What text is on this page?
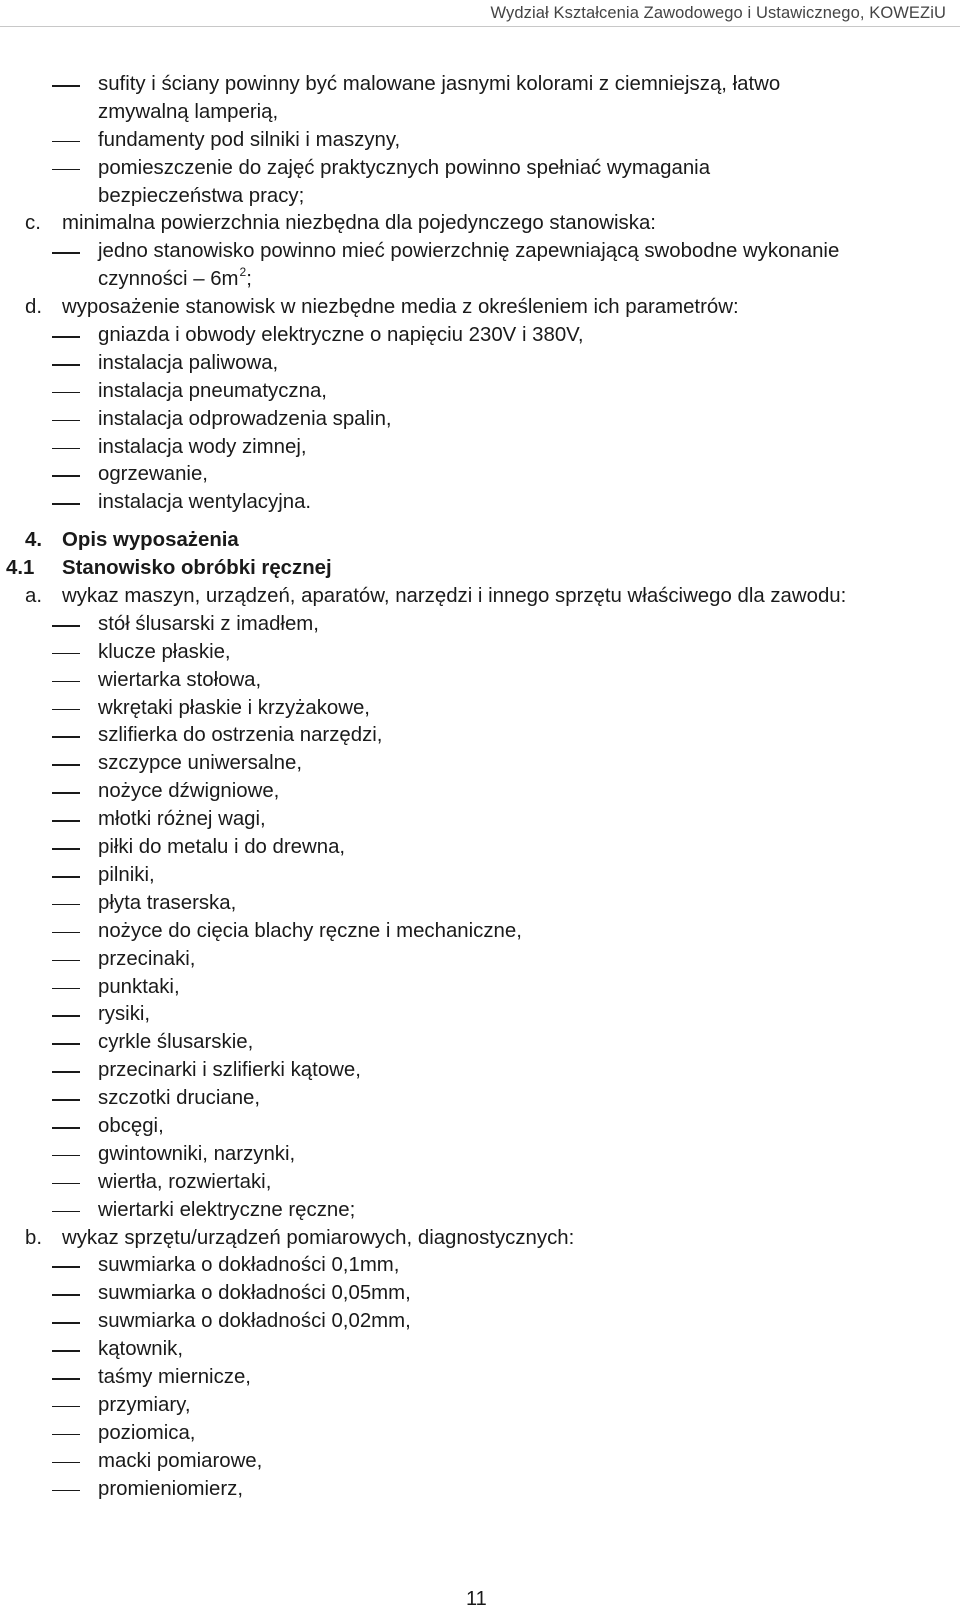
Wydział Kształcenia Zawodowego i Ustawicznego, KOWEZiU
sufity i ściany powinny być malowane jasnymi kolorami z ciemniejszą, łatwo
zmywalną lamperią,
fundamenty pod silniki i maszyny,
pomieszczenie do zajęć praktycznych powinno spełniać wymagania
bezpieczeństwa pracy;
c.	minimalna powierzchnia niezbędna dla pojedynczego stanowiska:
jedno stanowisko powinno mieć powierzchnię zapewniającą swobodne wykonanie
czynności – $6m^2$;
d. wyposażenie stanowisk w niezbędne media z określeniem ich parametrów:
gniazda i obwody elektryczne o napięciu 230V i 380V,
instalacja paliwowa,
instalacja pneumatyczna,
instalacja odprowadzenia spalin,
instalacja wody zimnej,
ogrzewanie,
instalacja wentylacyjna.
4. Opis wyposażenia
4.1 Stanowisko obróbki ręcznej
a. wykaz maszyn, urządzeń, aparatów, narzędzi i innego sprzętu właściwego dla zawodu:
stół ślusarski z imadłem,
klucze płaskie,
wiertarka stołowa,
wkrętaki płaskie i krzyżakowe,
szlifierka do ostrzenia narzędzi,
szczypce uniwersalne,
nożyce dźwigniowe,
młotki różnej wagi,
piłki do metalu i do drewna,
pilniki,
płyta traserska,
nożyce do cięcia blachy ręczne i mechaniczne,
przecinaki,
punktaki,
rysiki,
cyrkle ślusarskie,
przecinarki i szlifierki kątowe,
szczotki druciane,
obcęgi,
gwintowniki, narzynki,
wiertła, rozwiertaki,
wiertarki elektryczne ręczne;
b. wykaz sprzętu/urządzeń pomiarowych, diagnostycznych:
suwmiarka o dokładności 0,1mm,
suwmiarka o dokładności 0,05mm,
suwmiarka o dokładności 0,02mm,
kątownik,
taśmy miernicze,
przymiary,
poziomica,
macki pomiarowe,
promieniomierz,
11
